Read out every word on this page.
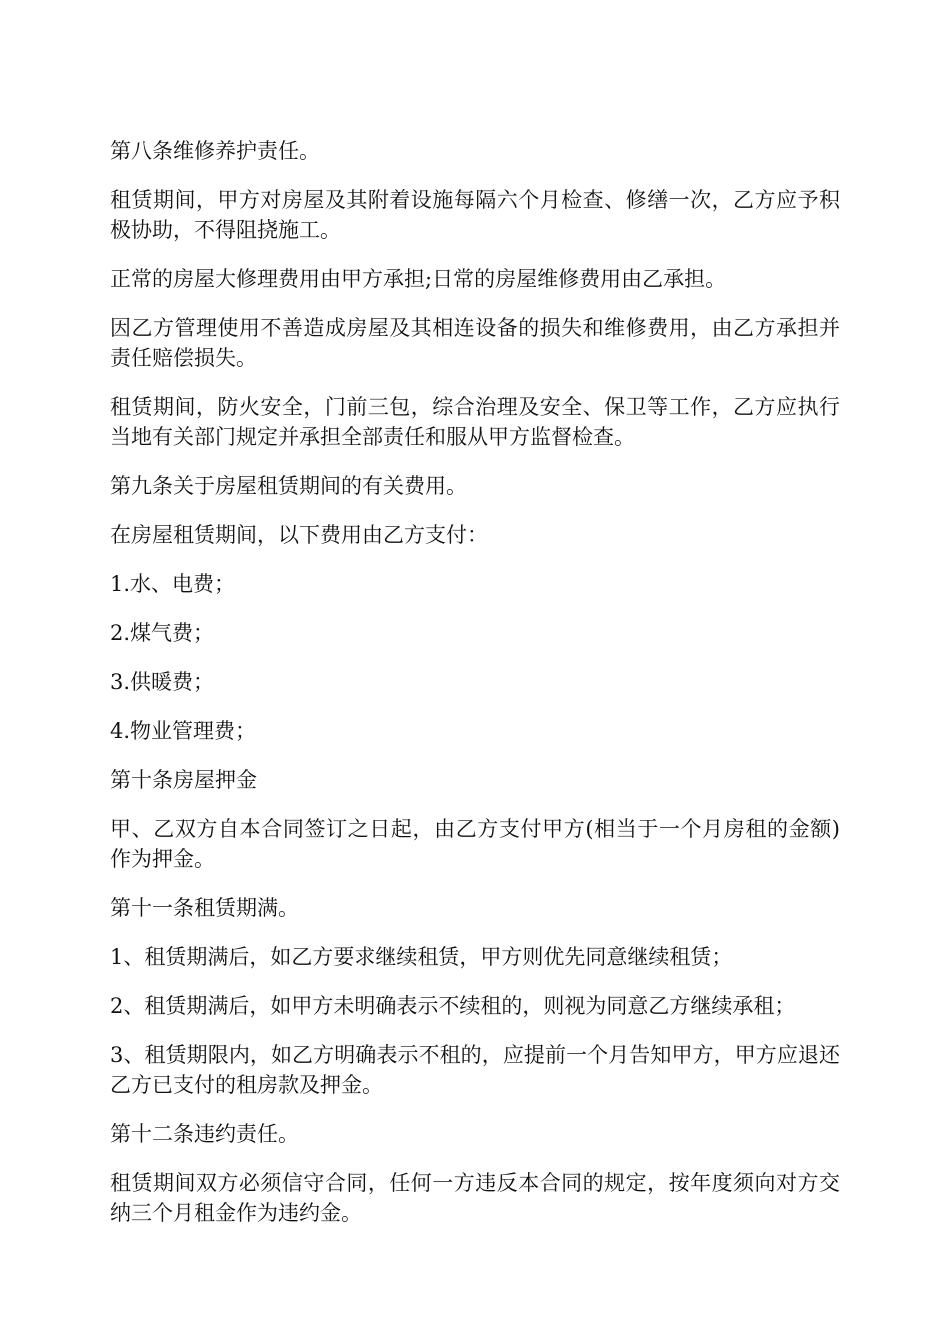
第八条维修养护责任。

租赁期间，甲方对房屋及其附着设施每隔六个月检查、修缮一次，乙方应予积极协助，不得阻挠施工。

正常的房屋大修理费用由甲方承担;日常的房屋维修费用由乙承担。

因乙方管理使用不善造成房屋及其相连设备的损失和维修费用，由乙方承担并责任赔偿损失。

租赁期间，防火安全，门前三包，综合治理及安全、保卫等工作，乙方应执行当地有关部门规定并承担全部责任和服从甲方监督检查。

第九条关于房屋租赁期间的有关费用。

在房屋租赁期间，以下费用由乙方支付：

1.水、电费；

2.煤气费；

3.供暖费；

4.物业管理费；

第十条房屋押金

甲、乙双方自本合同签订之日起，由乙方支付甲方(相当于一个月房租的金额)作为押金。

第十一条租赁期满。

1、租赁期满后，如乙方要求继续租赁，甲方则优先同意继续租赁；

2、租赁期满后，如甲方未明确表示不续租的，则视为同意乙方继续承租；

3、租赁期限内，如乙方明确表示不租的，应提前一个月告知甲方，甲方应退还乙方已支付的租房款及押金。

第十二条违约责任。

租赁期间双方必须信守合同，任何一方违反本合同的规定，按年度须向对方交纳三个月租金作为违约金。
